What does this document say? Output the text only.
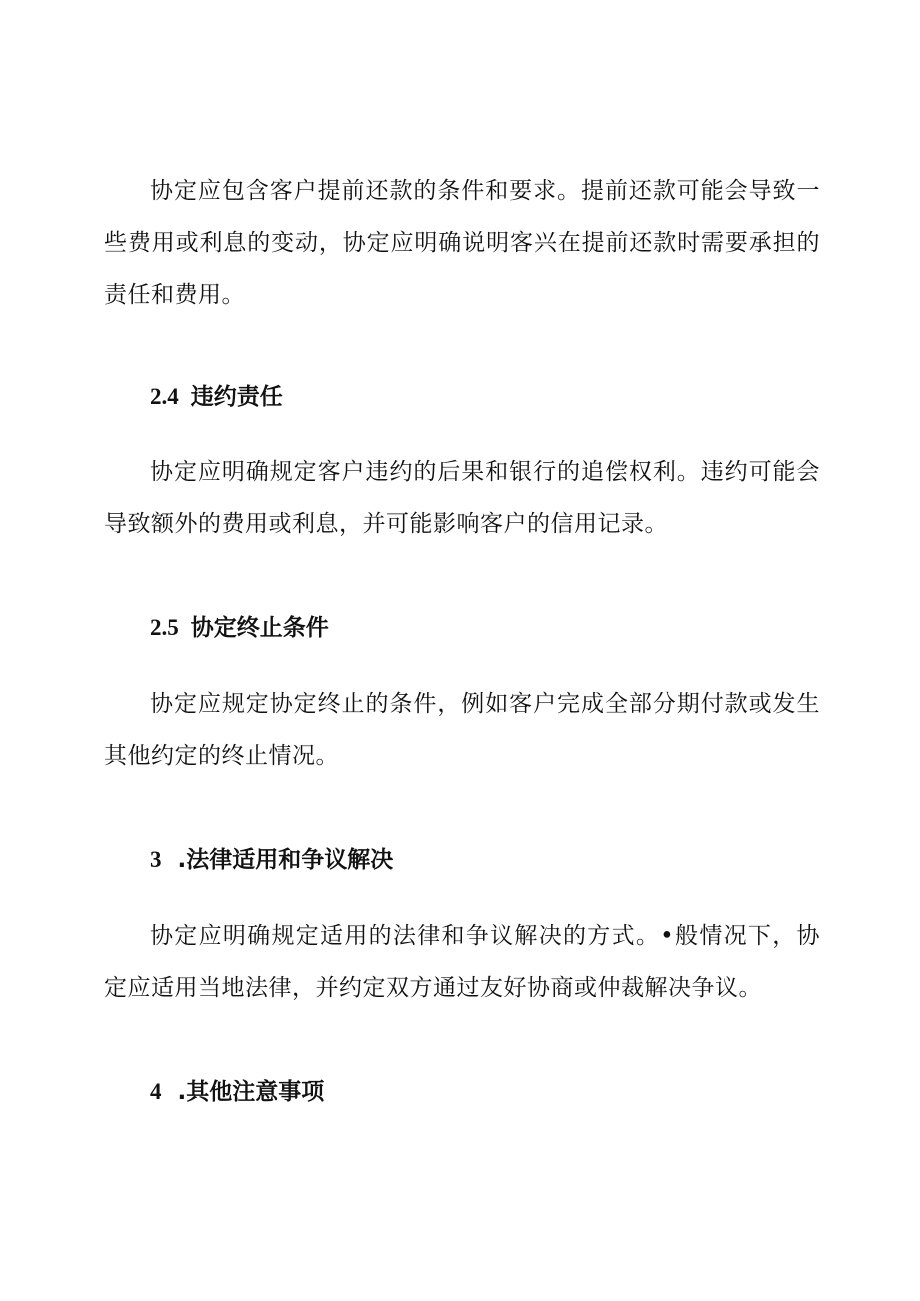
协定应包含客户提前还款的条件和要求。提前还款可能会导致一些费用或利息的变动，协定应明确说明客兴在提前还款时需要承担的责任和费用。

2.4 违约责任

协定应明确规定客户违约的后果和银行的追偿权利。违约可能会导致额外的费用或利息，并可能影响客户的信用记录。

2.5 协定终止条件

协定应规定协定终止的条件，例如客户完成全部分期付款或发生其他约定的终止情况。

3 .法律适用和争议解决

协定应明确规定适用的法律和争议解决的方式。•般情况下，协定应适用当地法律，并约定双方通过友好协商或仲裁解决争议。

4 .其他注意事项
